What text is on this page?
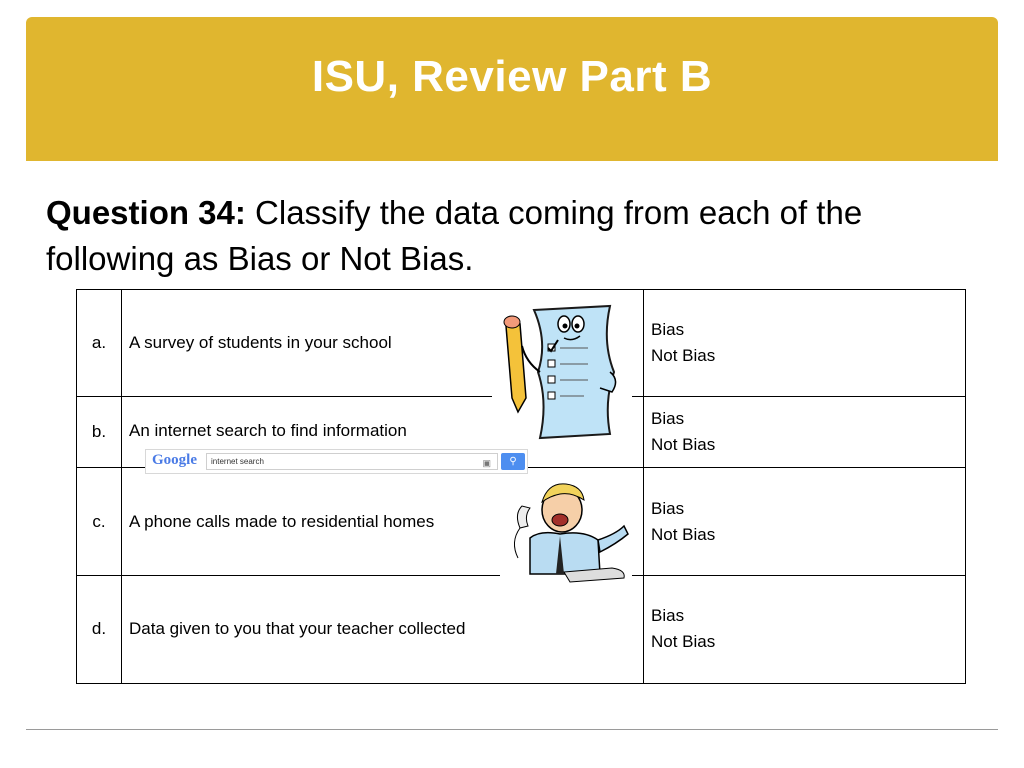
ISU, Review Part B
Question 34: Classify the data coming from each of the following as Bias or Not Bias.
a.	A survey of students in your school	Bias
Not Bias

b.	An internet search to find information	Bias
Not Bias

c.	A phone calls made to residential homes	Bias
Not Bias

d.	Data given to you that your teacher collected	Bias
Not Bias
Google	internet search	▣	⚲
